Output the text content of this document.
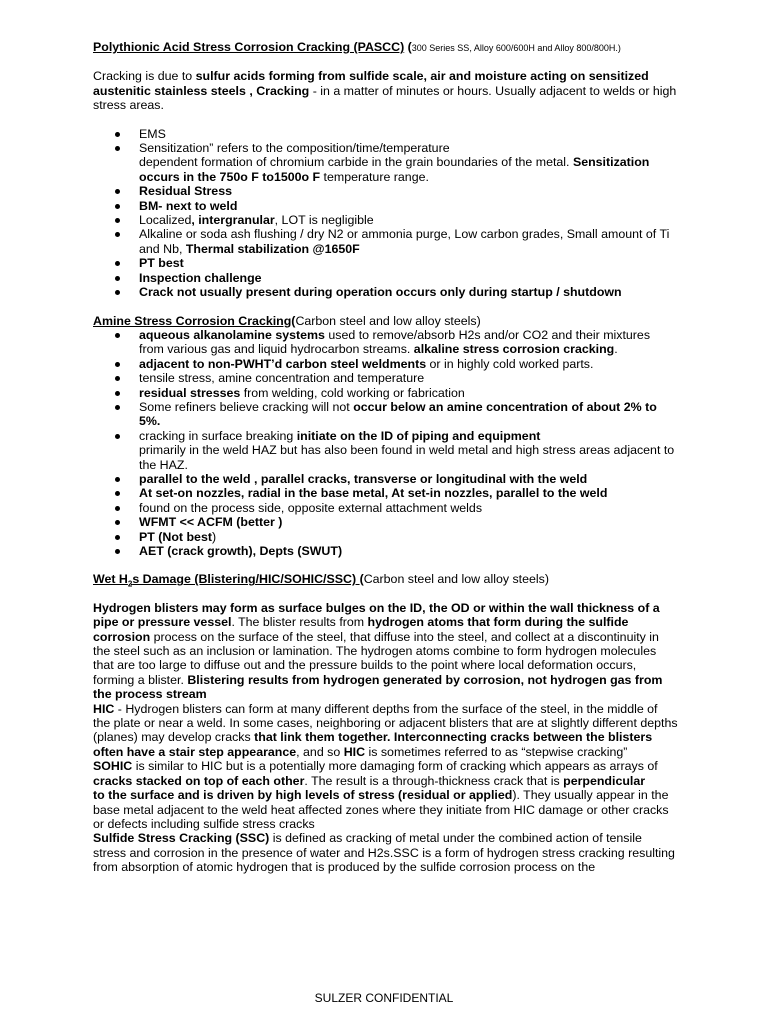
Polythionic Acid Stress Corrosion Cracking (PASCC) (300 Series SS, Alloy 600/600H and Alloy 800/800H.)

Cracking is due to sulfur acids forming from sulfide scale, air and moisture acting on sensitized austenitic stainless steels , Cracking - in a matter of minutes or hours. Usually adjacent to welds or high stress areas.

EMS
Sensitization” refers to the composition/time/temperature
dependent formation of chromium carbide in the grain boundaries of the metal. Sensitization occurs in the 750o F to1500o F temperature range.
Residual Stress
BM- next to weld
Localized, intergranular, LOT is negligible
Alkaline or soda ash flushing / dry N2 or ammonia purge, Low carbon grades, Small amount of Ti and Nb, Thermal stabilization @1650F
PT best
Inspection challenge
Crack not usually present during operation occurs only during startup / shutdown

Amine Stress Corrosion Cracking(Carbon steel and low alloy steels)

aqueous alkanolamine systems used to remove/absorb H2s and/or CO2 and their mixtures from various gas and liquid hydrocarbon streams. alkaline stress corrosion cracking.
adjacent to non-PWHT’d carbon steel weldments or in highly cold worked parts.
tensile stress, amine concentration and temperature
residual stresses from welding, cold working or fabrication
Some refiners believe cracking will not occur below an amine concentration of about 2% to 5%.
cracking in surface breaking initiate on the ID of piping and equipment
primarily in the weld HAZ but has also been found in weld metal and high stress areas adjacent to
the HAZ.
parallel to the weld , parallel cracks, transverse or longitudinal with the weld
At set-on nozzles, radial in the base metal, At set-in nozzles, parallel to the weld
found on the process side, opposite external attachment welds
WFMT << ACFM (better )
PT (Not best)
AET (crack growth), Depts (SWUT)

Wet $H_2s$ Damage (Blistering/HIC/SOHIC/SSC) (Carbon steel and low alloy steels)

Hydrogen blisters may form as surface bulges on the ID, the OD or within the wall thickness of a pipe or pressure vessel. The blister results from hydrogen atoms that form during the sulfide corrosion process on the surface of the steel, that diffuse into the steel, and collect at a discontinuity in the steel such as an inclusion or lamination. The hydrogen atoms combine to form hydrogen molecules

that are too large to diffuse out and the pressure builds to the point where local deformation occurs, forming a blister. Blistering results from hydrogen generated by corrosion, not hydrogen gas from

the process stream

HIC - Hydrogen blisters can form at many different depths from the surface of the steel, in the middle of the plate or near a weld. In some cases, neighboring or adjacent blisters that are at slightly different depths (planes) may develop cracks that link them together. Interconnecting cracks between the blisters often have a stair step appearance, and so HIC is sometimes referred to as “stepwise cracking”

SOHIC is similar to HIC but is a potentially more damaging form of cracking which appears as arrays of cracks stacked on top of each other. The result is a through-thickness crack that is perpendicular

to the surface and is driven by high levels of stress (residual or applied). They usually appear in the

base metal adjacent to the weld heat affected zones where they initiate from HIC damage or other cracks or defects including sulfide stress cracks

Sulfide Stress Cracking (SSC) is defined as cracking of metal under the combined action of tensile stress and corrosion in the presence of water and H2s.SSC is a form of hydrogen stress cracking resulting from absorption of atomic hydrogen that is produced by the sulfide corrosion process on the

SULZER CONFIDENTIAL
